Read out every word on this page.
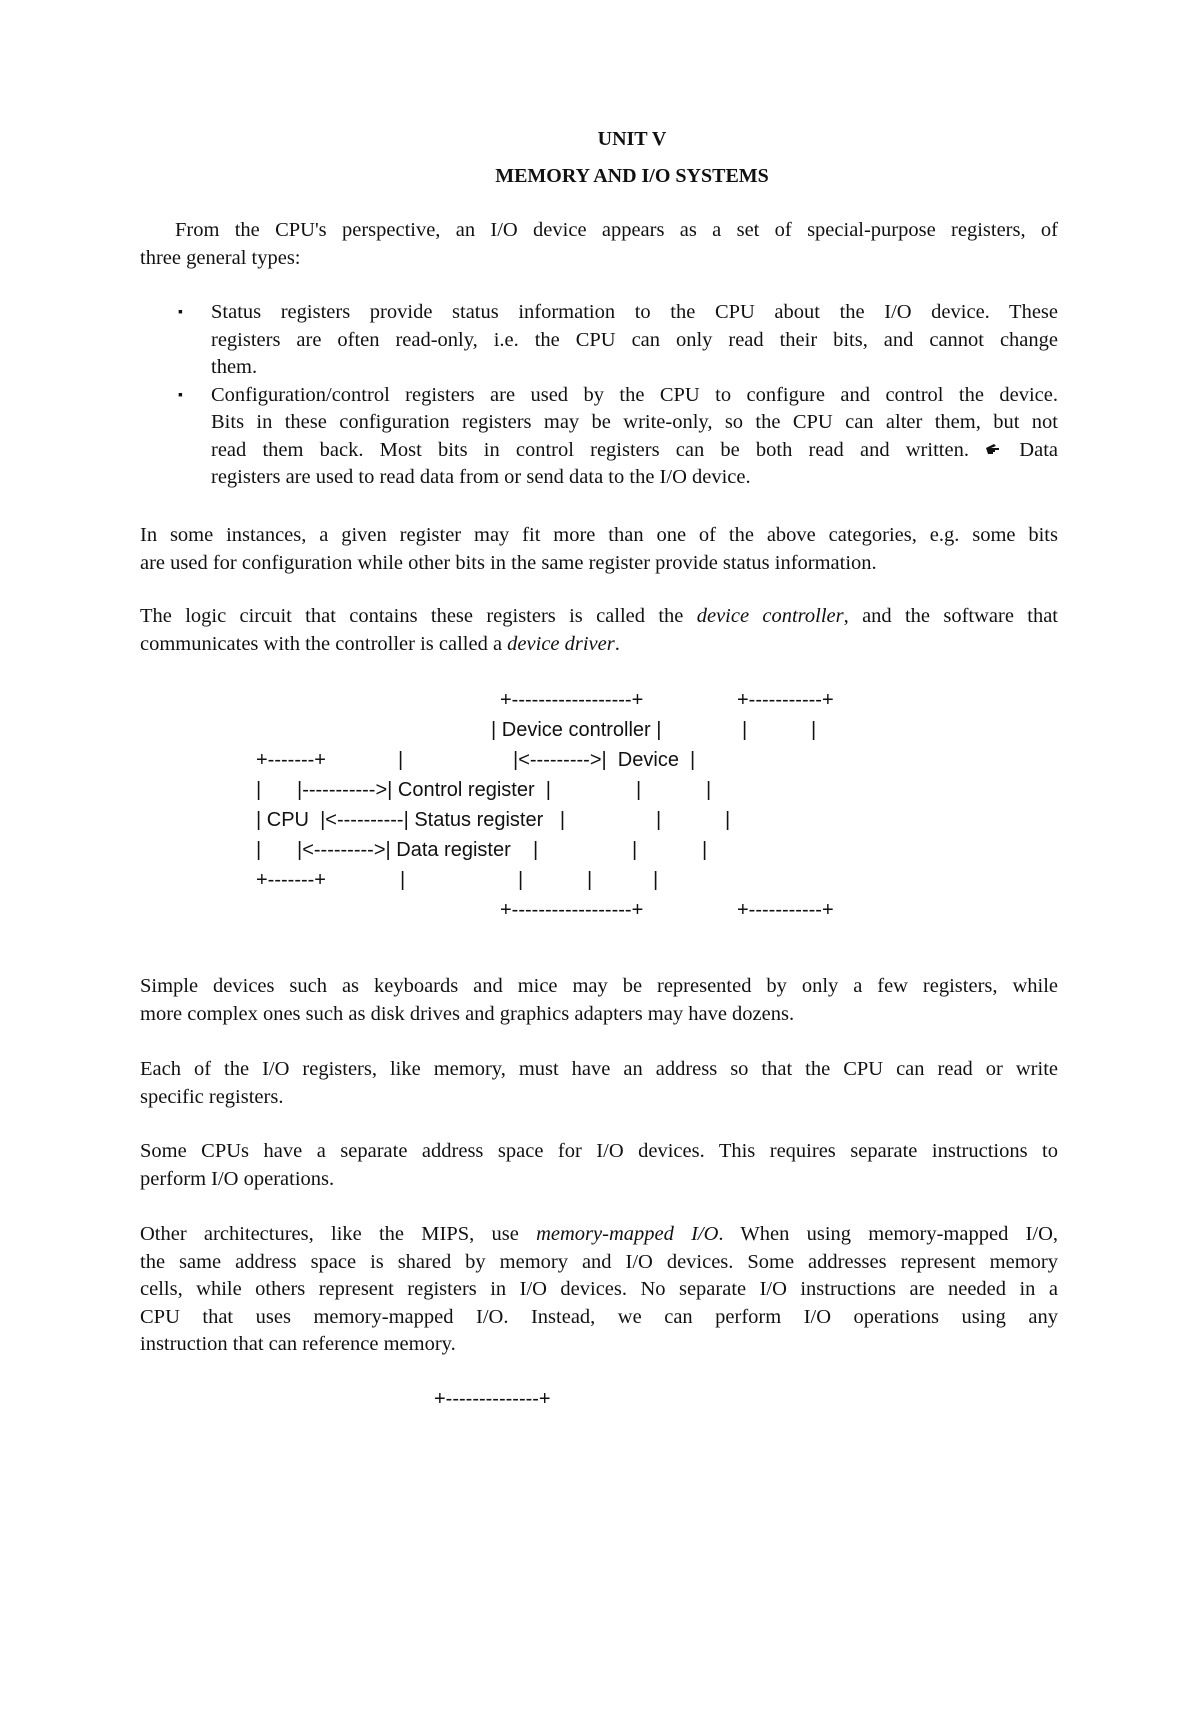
UNIT V
MEMORY AND I/O SYSTEMS
From the CPU's perspective, an I/O device appears as a set of special-purpose registers, of
three general types:
▪ Status registers provide status information to the CPU about the I/O device. These
registers are often read-only, i.e. the CPU can only read their bits, and cannot change
them.
▪ Configuration/control registers are used by the CPU to configure and control the device.
Bits in these configuration registers may be write-only, so the CPU can alter them, but not
read them back. Most bits in control registers can be both read and written.  Data
registers are used to read data from or send data to the I/O device.
In some instances, a given register may fit more than one of the above categories, e.g. some bits
are used for configuration while other bits in the same register provide status information.
The logic circuit that contains these registers is called the device controller, and the software that
communicates with the controller is called a device driver.

+------------------+

	+-----------+

| Device controller |

	|

	|

+-------+

	|

	|<--------->|  Device  |

|

|----------->| Control register  |

	|

	|

| CPU  |<----------| Status register   |

	|

	|

|

|<--------->| Data register    |

	|

	|

+-------+

	|

	|

	|

	|

+------------------+

	+-----------+

Simple devices such as keyboards and mice may be represented by only a few registers, while
more complex ones such as disk drives and graphics adapters may have dozens.
Each of the I/O registers, like memory, must have an address so that the CPU can read or write
specific registers.
Some CPUs have a separate address space for I/O devices. This requires separate instructions to
perform I/O operations.
Other architectures, like the MIPS, use memory-mapped I/O. When using memory-mapped I/O,
the same address space is shared by memory and I/O devices. Some addresses represent memory
cells, while others represent registers in I/O devices. No separate I/O instructions are needed in a
CPU that uses memory-mapped I/O. Instead, we can perform I/O operations using any
instruction that can reference memory.

+--------------+
